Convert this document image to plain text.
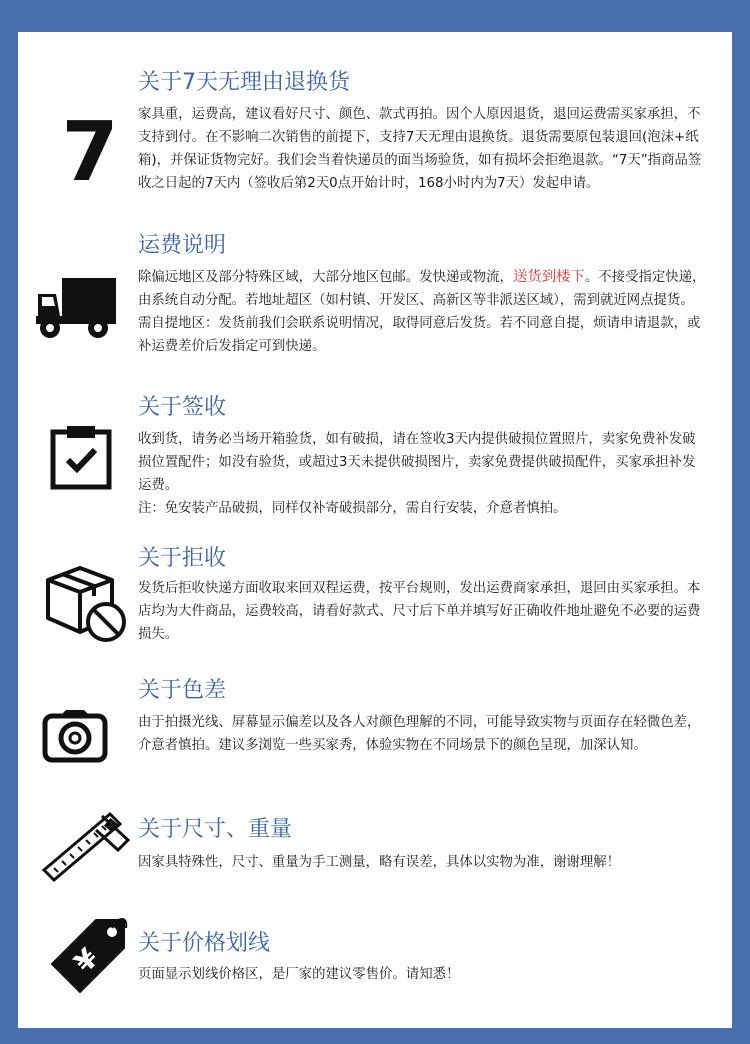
7
关于7天无理由退换货

家具重，运费高，建议看好尺寸、颜色、款式再拍。因个人原因退货，退回运费需买家承担，不支持到付。在不影响二次销售的前提下，支持7天无理由退换货。退货需要原包装退回(泡沫+纸箱)，并保证货物完好。我们会当着快递员的面当场验货，如有损坏会拒绝退款。“7天”指商品签收之日起的7天内（签收后第2天0点开始计时，168小时内为7天）发起申请。

运费说明

除偏远地区及部分特殊区域，大部分地区包邮。发快递或物流，送货到楼下。不接受指定快递，由系统自动分配。若地址超区（如村镇、开发区、高新区等非派送区域），需到就近网点提货。

需自提地区：发货前我们会联系说明情况，取得同意后发货。若不同意自提，烦请申请退款，或补运费差价后发指定可到快递。

关于签收

收到货，请务必当场开箱验货，如有破损，请在签收3天内提供破损位置照片，卖家免费补发破损位置配件；如没有验货，或超过3天未提供破损图片，卖家免费提供破损配件，买家承担补发运费。

注：免安装产品破损，同样仅补寄破损部分，需自行安装，介意者慎拍。

关于拒收

发货后拒收快递方面收取来回双程运费，按平台规则，发出运费商家承担，退回由买家承担。本店均为大件商品，运费较高，请看好款式、尺寸后下单并填写好正确收件地址避免不必要的运费损失。

关于色差

由于拍摄光线、屏幕显示偏差以及各人对颜色理解的不同，可能导致实物与页面存在轻微色差，介意者慎拍。建议多浏览一些买家秀，体验实物在不同场景下的颜色呈现，加深认知。

关于尺寸、重量

因家具特殊性，尺寸、重量为手工测量，略有误差，具体以实物为准，谢谢理解！

¥ 关于价格划线

页面显示划线价格区，是厂家的建议零售价。请知悉！
